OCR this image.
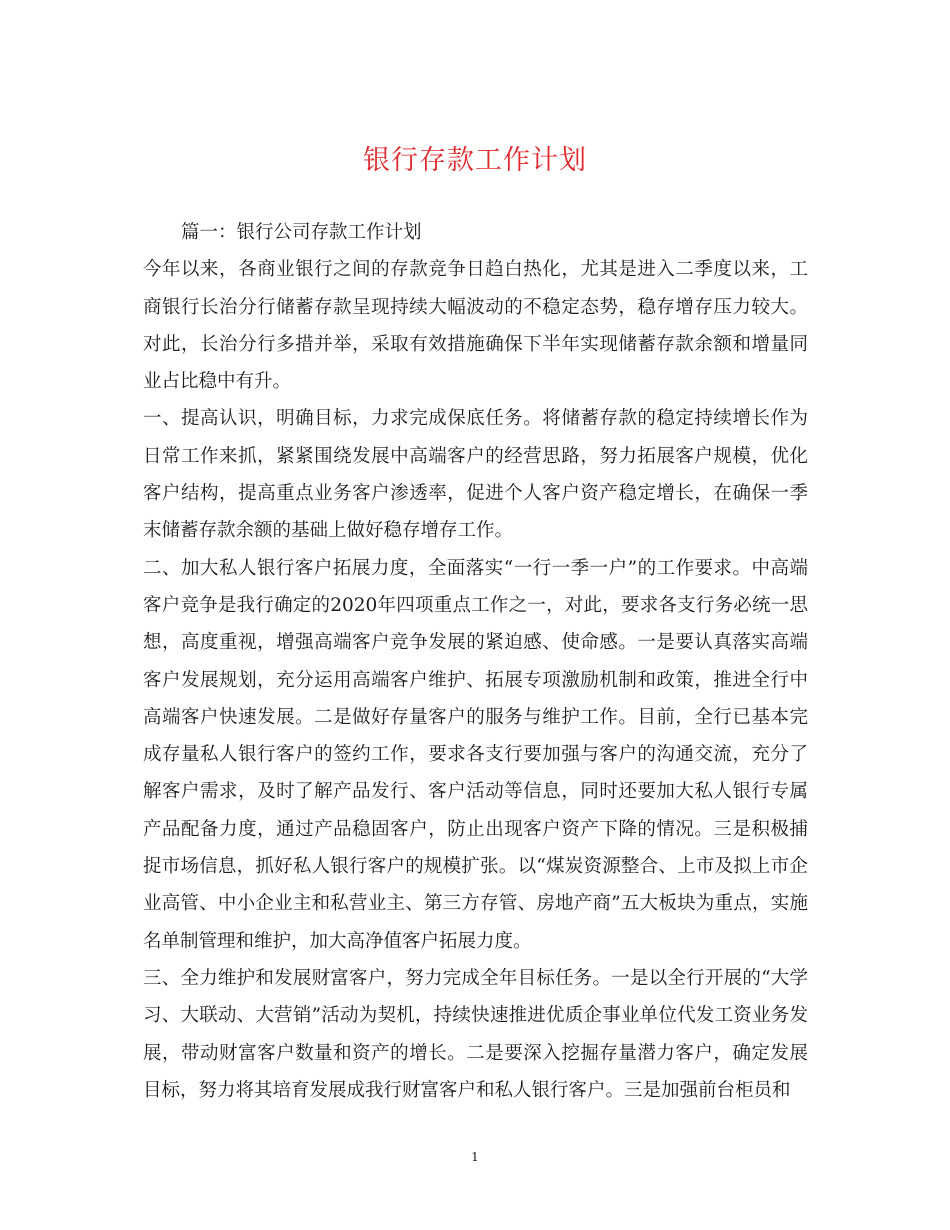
银行存款工作计划

篇一：银行公司存款工作计划

今年以来，各商业银行之间的存款竞争日趋白热化，尤其是进入二季度以来，工商银行长治分行储蓄存款呈现持续大幅波动的不稳定态势，稳存增存压力较大。对此，长治分行多措并举，采取有效措施确保下半年实现储蓄存款余额和增量同业占比稳中有升。

一、提高认识，明确目标，力求完成保底任务。将储蓄存款的稳定持续增长作为日常工作来抓，紧紧围绕发展中高端客户的经营思路，努力拓展客户规模，优化客户结构，提高重点业务客户渗透率，促进个人客户资产稳定增长，在确保一季末储蓄存款余额的基础上做好稳存增存工作。

二、加大私人银行客户拓展力度，全面落实“一行一季一户”的工作要求。中高端客户竞争是我行确定的2020年四项重点工作之一，对此，要求各支行务必统一思想，高度重视，增强高端客户竞争发展的紧迫感、使命感。一是要认真落实高端客户发展规划，充分运用高端客户维护、拓展专项激励机制和政策，推进全行中高端客户快速发展。二是做好存量客户的服务与维护工作。目前，全行已基本完成存量私人银行客户的签约工作，要求各支行要加强与客户的沟通交流，充分了解客户需求，及时了解产品发行、客户活动等信息，同时还要加大私人银行专属产品配备力度，通过产品稳固客户，防止出现客户资产下降的情况。三是积极捕捉市场信息，抓好私人银行客户的规模扩张。以“煤炭资源整合、上市及拟上市企业高管、中小企业主和私营业主、第三方存管、房地产商”五大板块为重点，实施名单制管理和维护，加大高净值客户拓展力度。

三、全力维护和发展财富客户，努力完成全年目标任务。一是以全行开展的“大学习、大联动、大营销”活动为契机，持续快速推进优质企事业单位代发工资业务发展，带动财富客户数量和资产的增长。二是要深入挖掘存量潜力客户，确定发展目标，努力将其培育发展成我行财富客户和私人银行客户。三是加强前台柜员和

1
